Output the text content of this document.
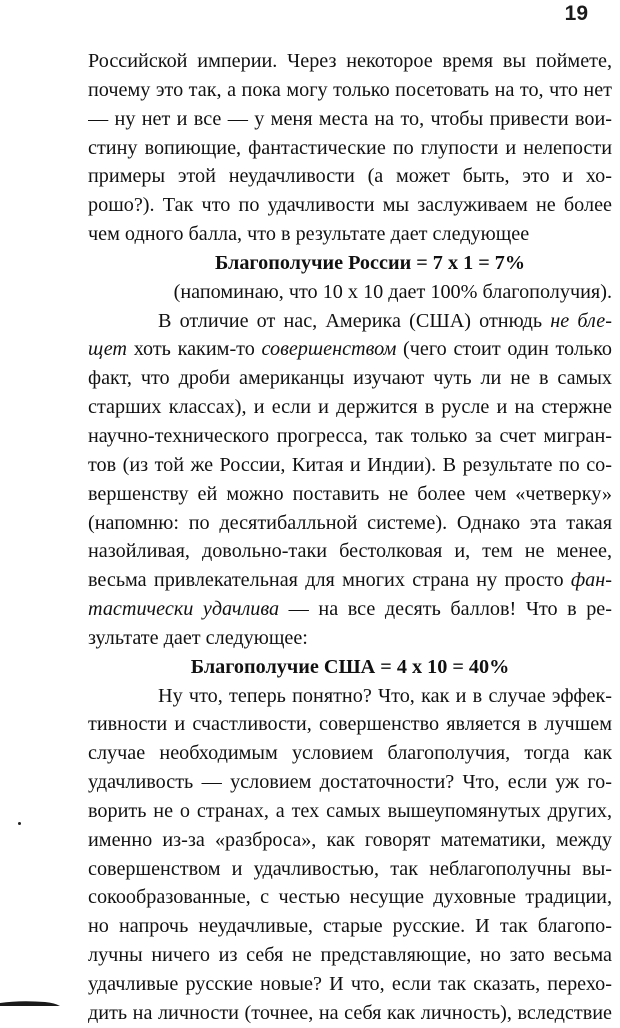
19
Российской империи. Через некоторое время вы поймете,
почему это так, а пока могу только посетовать на то, что нет
— ну нет и все — у меня места на то, чтобы привести вои-
стину вопиющие, фантастические по глупости и нелепости
примеры этой неудачливости (а может быть, это и хо-
рошо?). Так что по удачливости мы заслуживаем не более
чем одного балла, что в результате дает следующее
Благополучие России = 7 х 1 = 7%
(напоминаю, что 10 х 10 дает 100% благополучия).
В отличие от нас, Америка (США) отнюдь не бле-
щет хоть каким-то совершенством (чего стоит один только
факт, что дроби американцы изучают чуть ли не в самых
старших классах), и если и держится в русле и на стержне
научно-технического прогресса, так только за счет мигран-
тов (из той же России, Китая и Индии). В результате по со-
вершенству ей можно поставить не более чем «четверку»
(напомню: по десятибалльной системе). Однако эта такая
назойливая, довольно-таки бестолковая и, тем не менее,
весьма привлекательная для многих страна ну просто фан-
тастически удачлива — на все десять баллов! Что в ре-
зультате дает следующее:
Благополучие США = 4 х 10 = 40%
Ну что, теперь понятно? Что, как и в случае эффек-
тивности и счастливости, совершенство является в лучшем
случае необходимым условием благополучия, тогда как
удачливость — условием достаточности? Что, если уж го-
ворить не о странах, а тех самых вышеупомянутых других,
именно из-за «разброса», как говорят математики, между
совершенством и удачливостью, так неблагополучны вы-
сокообразованные, с честью несущие духовные традиции,
но напрочь неудачливые, старые русские. И так благопо-
лучны ничего из себя не представляющие, но зато весьма
удачливые русские новые? И что, если так сказать, перехо-
дить на личности (точнее, на себя как личность), вследствие
